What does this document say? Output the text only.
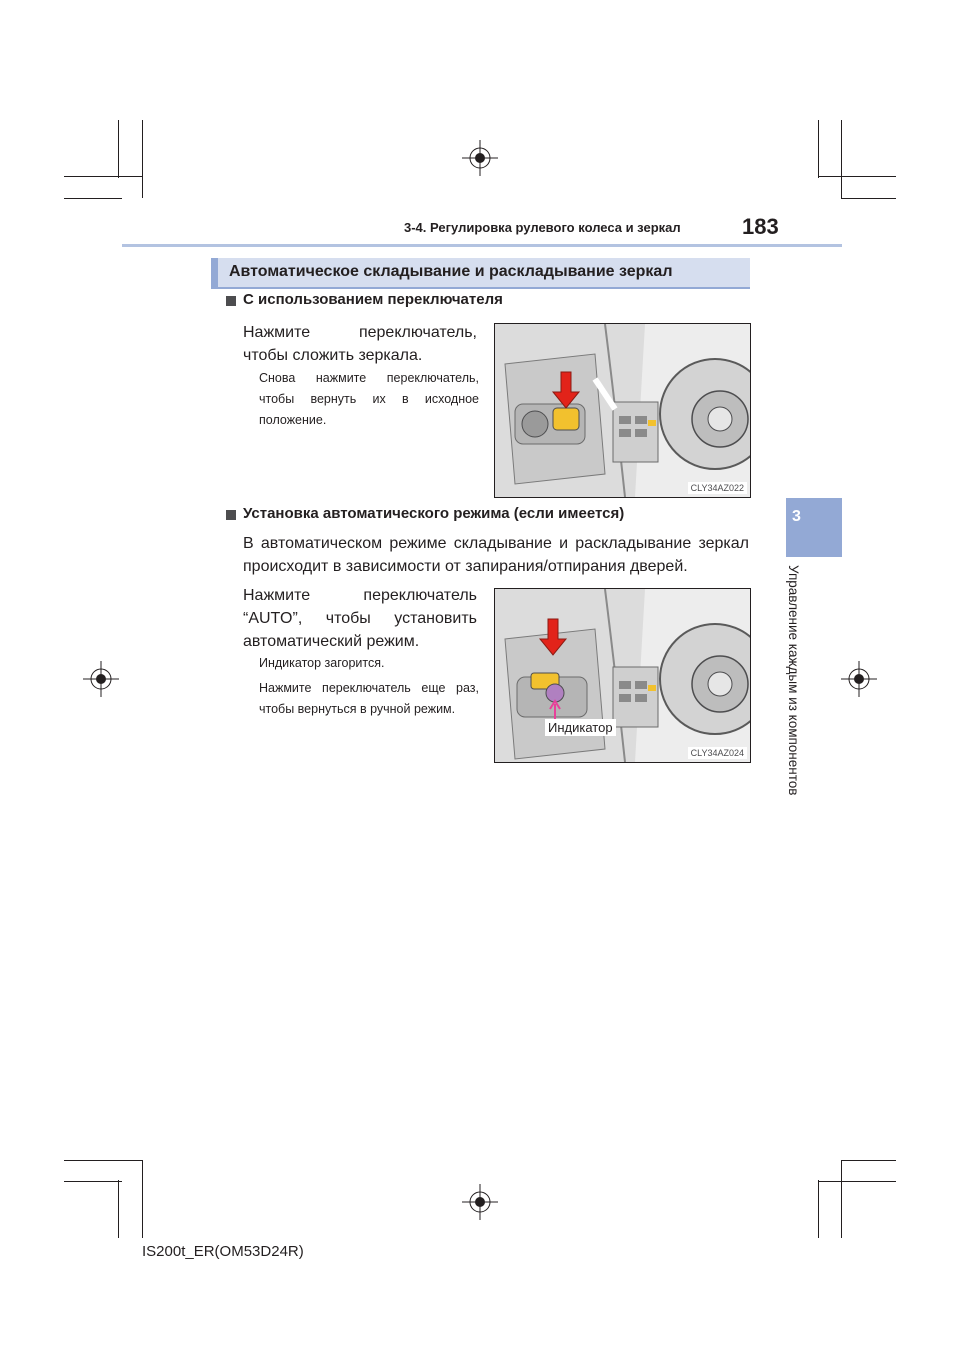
3-4. Регулировка рулевого колеса и зеркал	183
3
Управление каждым из компонентов
Автоматическое складывание и раскладывание зеркал
С использованием переключателя
Нажмите переключатель, чтобы сложить зеркала.
Снова нажмите переключатель, чтобы вернуть их в исходное положение.
CLY34AZ022
Установка автоматического режима (если имеется)
В автоматическом режиме складывание и раскладывание зеркал происходит в зависимости от запирания/отпирания дверей.
Нажмите переключатель “AUTO”, чтобы установить автоматический режим.
Индикатор загорится.
Нажмите переключатель еще раз, чтобы вернуться в ручной режим.
Индикатор
CLY34AZ024
IS200t_ER(OM53D24R)
